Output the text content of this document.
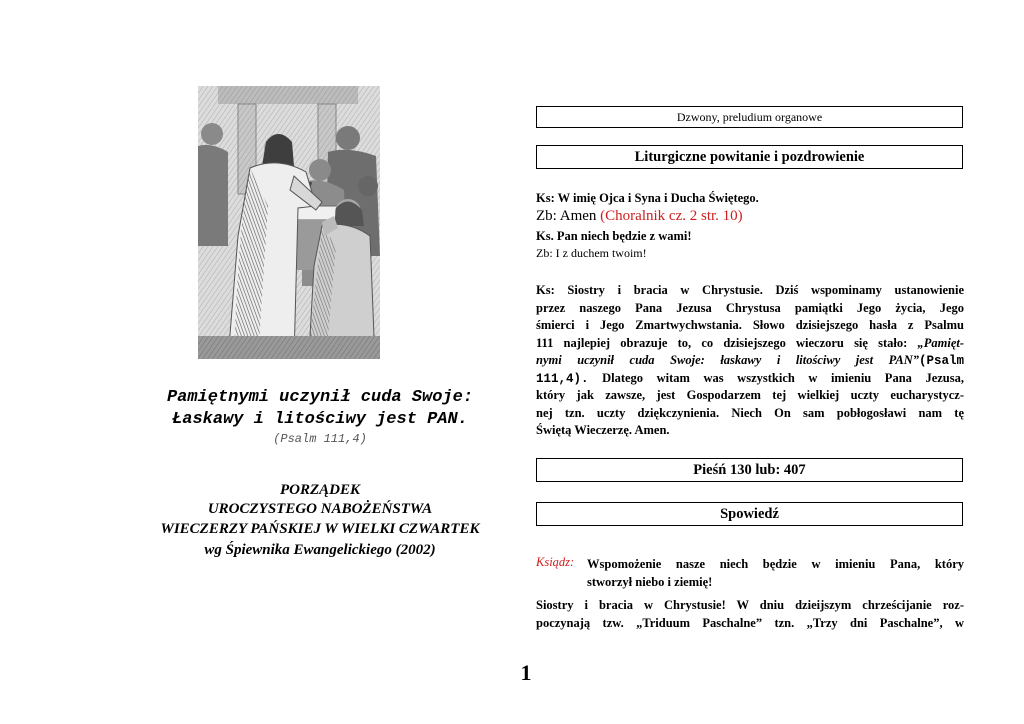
Pamiętnymi uczynił cuda Swoje:
Łaskawy i litościwy jest PAN.
(Psalm 111,4)
PORZĄDEK
UROCZYSTEGO NABOŻEŃSTWA
WIECZERZY PAŃSKIEJ W WIELKI CZWARTEK
wg Śpiewnika Ewangelickiego (2002)
Dzwony, preludium organowe
Liturgiczne powitanie i pozdrowienie
Ks: W imię Ojca i Syna i Ducha Świętego.
Zb: Amen (Choralnik cz. 2 str. 10)
Ks. Pan niech będzie z wami!
Zb: I z duchem twoim!
Ks: Siostry i bracia w Chrystusie. Dziś wspominamy ustanowienie
przez naszego Pana Jezusa Chrystusa pamiątki Jego życia, Jego
śmierci i Jego Zmartwychwstania. Słowo dzisiejszego hasła z Psalmu
111 najlepiej obrazuje to, co dzisiejszego wieczoru się stało: „Pamięt-
nymi uczynił cuda Swoje: łaskawy i litościwy jest PAN”(Psalm
111,4). Dlatego witam was wszystkich w imieniu Pana Jezusa,
który jak zawsze, jest Gospodarzem tej wielkiej uczty eucharystycz-
nej tzn. uczty dziękczynienia. Niech On sam pobłogosławi nam tę
Świętą Wieczerzę. Amen.
Pieśń 130 lub: 407
Spowiedź
Ksiądz: Wspomożenie nasze niech będzie w imieniu Pana, który
stworzył niebo i ziemię!
Siostry i bracia w Chrystusie! W dniu dzieijszym chrześcijanie roz-
poczynają tzw. „Triduum Paschalne” tzn. „Trzy dni Paschalne”, w
1
